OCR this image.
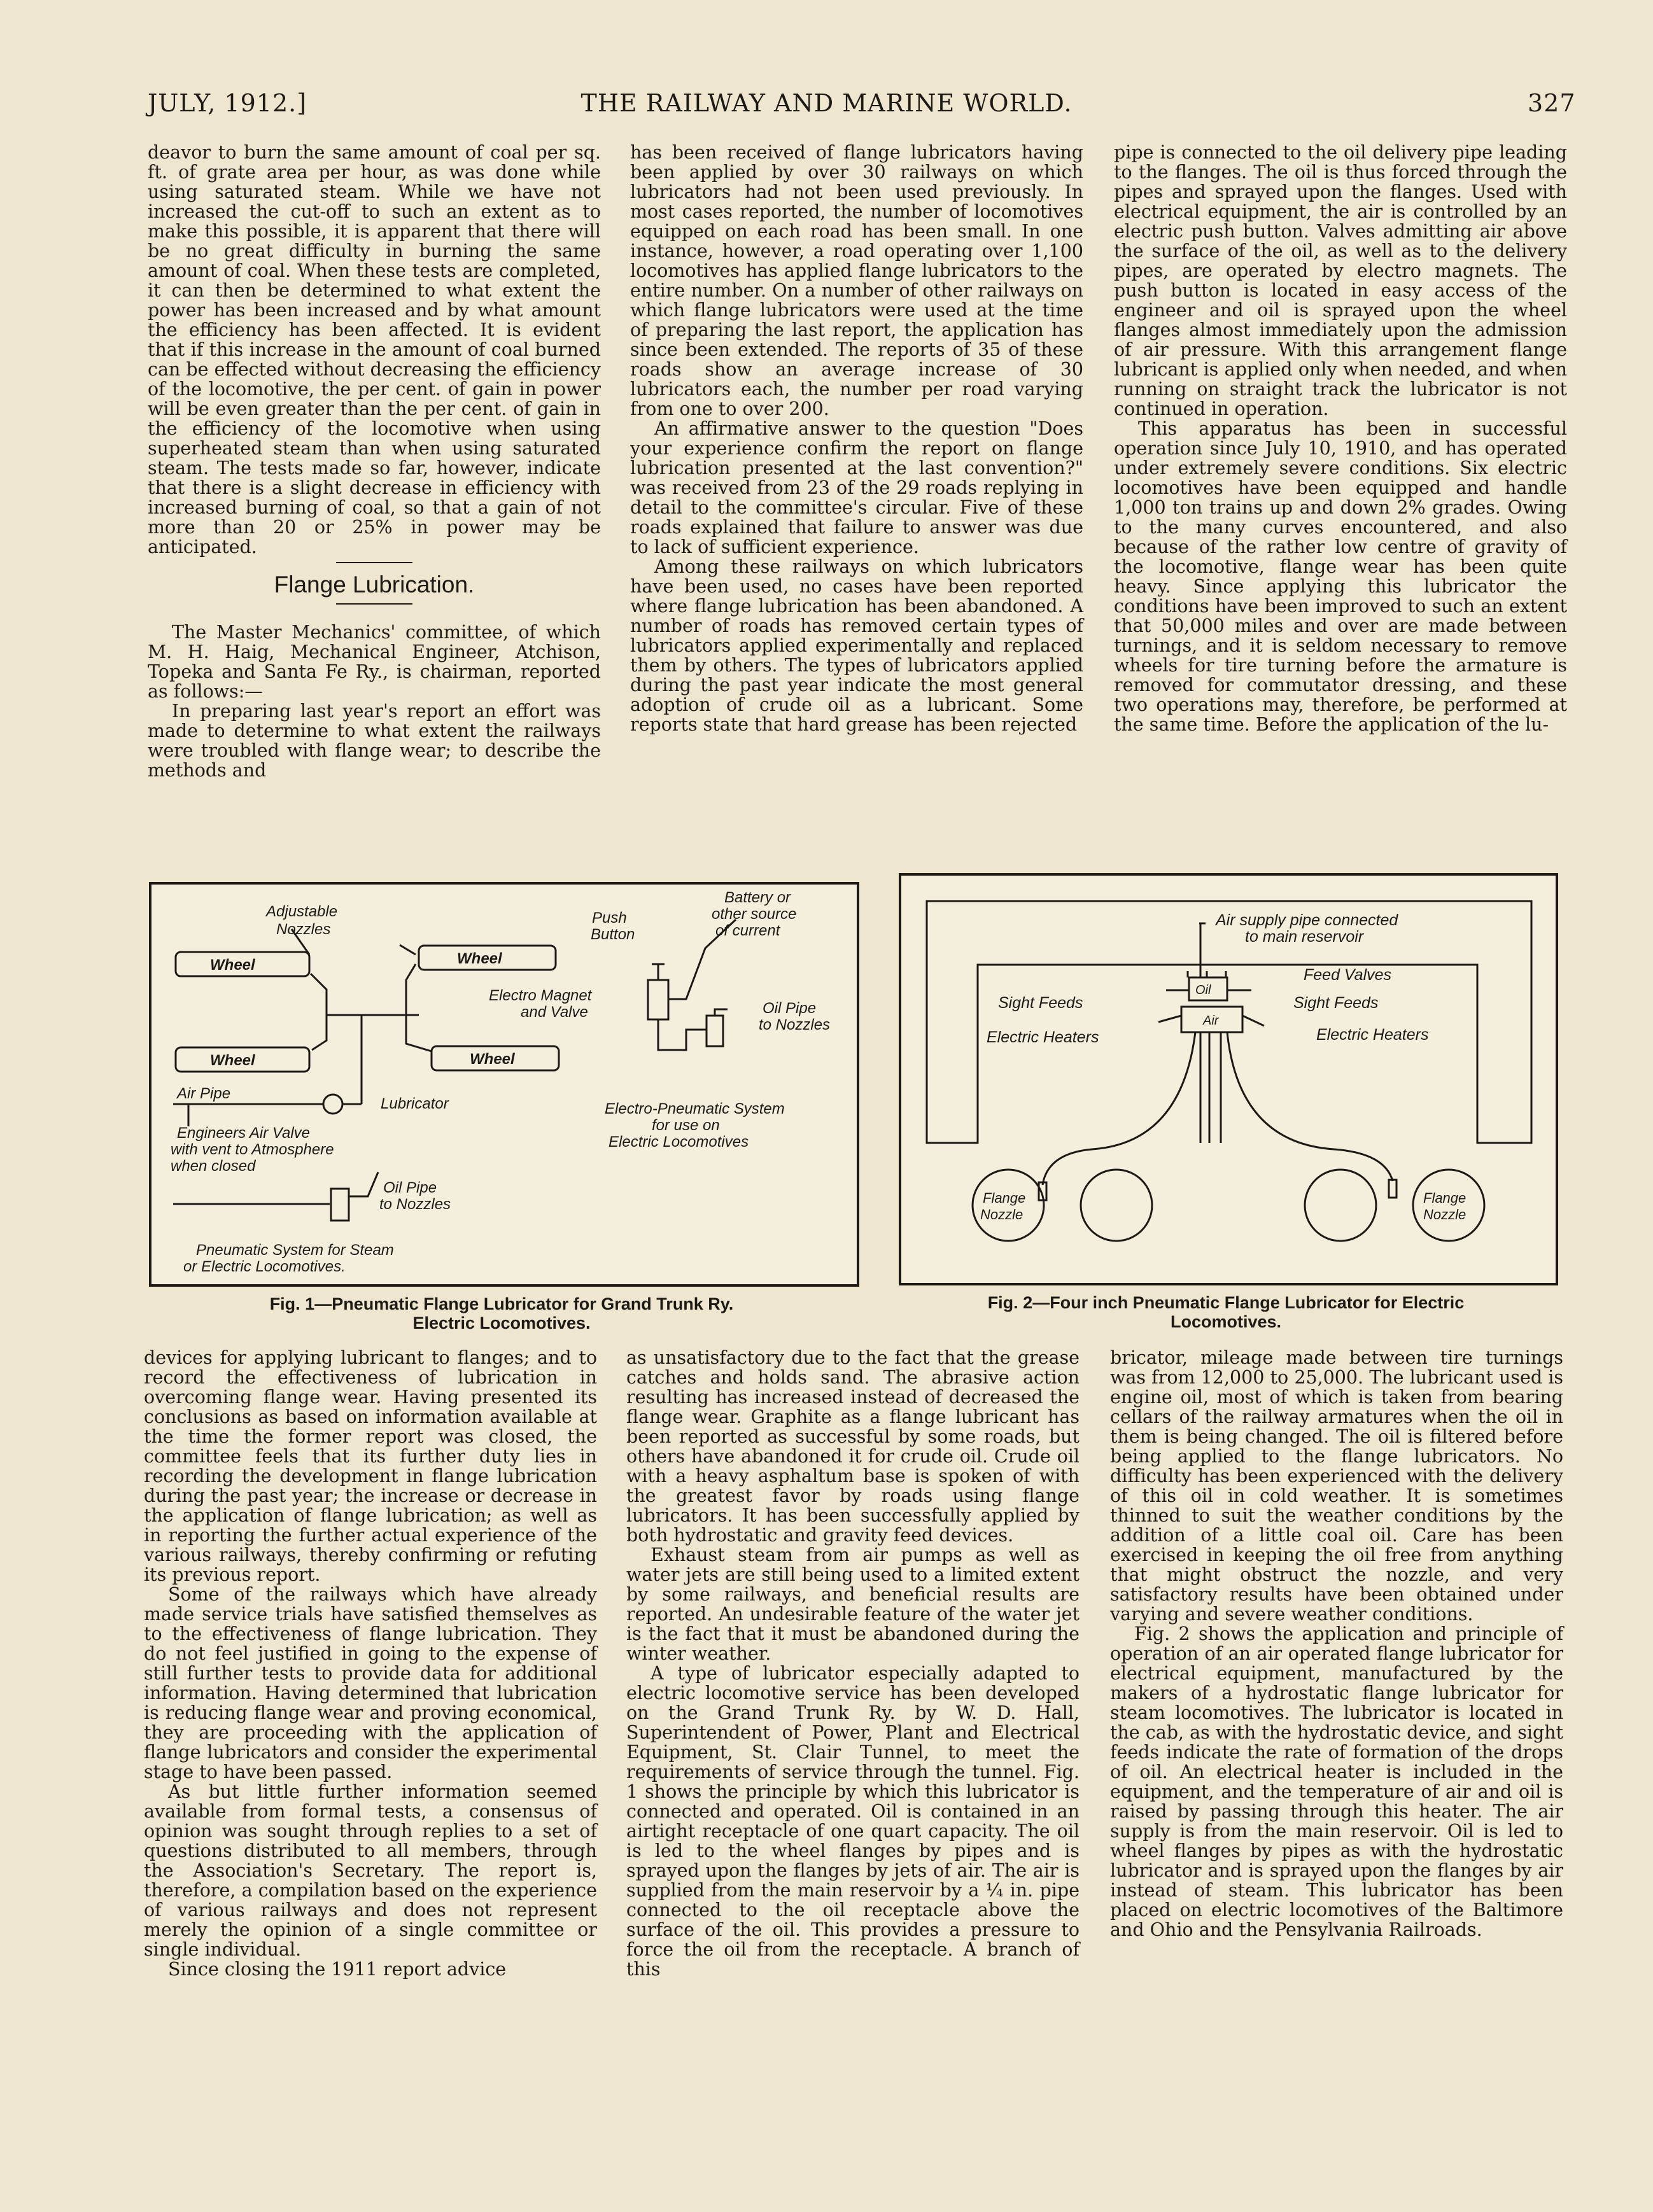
JULY, 1912.]	THE RAILWAY AND MARINE WORLD.	327

deavor to burn the same amount of coal per sq. ft. of grate area per hour, as was done while using saturated steam. While we have not increased the cut-off to such an extent as to make this possible, it is apparent that there will be no great difficulty in burning the same amount of coal. When these tests are completed, it can then be determined to what extent the power has been increased and by what amount the efficiency has been affected. It is evident that if this increase in the amount of coal burned can be effected without decreasing the efficiency of the locomotive, the per cent. of gain in power will be even greater than the per cent. of gain in the efficiency of the locomotive when using superheated steam than when using saturated steam. The tests made so far, however, indicate that there is a slight decrease in efficiency with increased burning of coal, so that a gain of not more than 20 or 25% in power may be anticipated.

Flange Lubrication.

The Master Mechanics' committee, of which M. H. Haig, Mechanical Engineer, Atchison, Topeka and Santa Fe Ry., is chairman, reported as follows:—

In preparing last year's report an effort was made to determine to what extent the railways were troubled with flange wear; to describe the methods and

has been received of flange lubricators having been applied by over 30 railways on which lubricators had not been used previously. In most cases reported, the number of locomotives equipped on each road has been small. In one instance, however, a road operating over 1,100 locomotives has applied flange lubricators to the entire number. On a number of other railways on which flange lubricators were used at the time of preparing the last report, the application has since been extended. The reports of 35 of these roads show an average increase of 30 lubricators each, the number per road varying from one to over 200.

An affirmative answer to the question "Does your experience confirm the report on flange lubrication presented at the last convention?" was received from 23 of the 29 roads replying in detail to the committee's circular. Five of these roads explained that failure to answer was due to lack of sufficient experience.

Among these railways on which lubricators have been used, no cases have been reported where flange lubrication has been abandoned. A number of roads has removed certain types of lubricators applied experimentally and replaced them by others. The types of lubricators applied during the past year indicate the most general adoption of crude oil as a lubricant. Some reports state that hard grease has been rejected

pipe is connected to the oil delivery pipe leading to the flanges. The oil is thus forced through the pipes and sprayed upon the flanges. Used with electrical equipment, the air is controlled by an electric push button. Valves admitting air above the surface of the oil, as well as to the delivery pipes, are operated by electro magnets. The push button is located in easy access of the engineer and oil is sprayed upon the wheel flanges almost immediately upon the admission of air pressure. With this arrangement flange lubricant is applied only when needed, and when running on straight track the lubricator is not continued in operation.

This apparatus has been in successful operation since July 10, 1910, and has operated under extremely severe conditions. Six electric locomotives have been equipped and handle 1,000 ton trains up and down 2% grades. Owing to the many curves encountered, and also because of the rather low centre of gravity of the locomotive, flange wear has been quite heavy. Since applying this lubricator the conditions have been improved to such an extent that 50,000 miles and over are made between turnings, and it is seldom necessary to remove wheels for tire turning before the armature is removed for commutator dressing, and these two operations may, therefore, be performed at the same time. Before the application of the lu-

Adjustable
Nozzles
Wheel	Wheel
Wheel	Wheel
Push
Button
Battery or
other source
of current
Electro Magnet
and Valve	Oil Pipe
to Nozzles
Air Pipe
Lubricator
Engineers Air Valve
with vent to Atmosphere
when closed
Electro-Pneumatic System
for use on
Electric Locomotives
Oil Pipe
to Nozzles
Pneumatic System for Steam
or Electric Locomotives.
Fig. 1—Pneumatic Flange Lubricator for Grand Trunk Ry.
Electric Locomotives.
Air supply pipe connected
to main reservoir
Feed Valves
Sight Feeds	Sight Feeds
Electric Heaters	Electric Heaters
Oil
Air
Flange
Nozzle
Flange
Nozzle
Fig. 2—Four inch Pneumatic Flange Lubricator for Electric
Locomotives.

devices for applying lubricant to flanges; and to record the effectiveness of lubrication in overcoming flange wear. Having presented its conclusions as based on information available at the time the former report was closed, the committee feels that its further duty lies in recording the development in flange lubrication during the past year; the increase or decrease in the application of flange lubrication; as well as in reporting the further actual experience of the various railways, thereby confirming or refuting its previous report.

Some of the railways which have already made service trials have satisfied themselves as to the effectiveness of flange lubrication. They do not feel justified in going to the expense of still further tests to provide data for additional information. Having determined that lubrication is reducing flange wear and proving economical, they are proceeding with the application of flange lubricators and consider the experimental stage to have been passed.

As but little further information seemed available from formal tests, a consensus of opinion was sought through replies to a set of questions distributed to all members, through the Association's Secretary. The report is, therefore, a compilation based on the experience of various railways and does not represent merely the opinion of a single committee or single individual.

Since closing the 1911 report advice

as unsatisfactory due to the fact that the grease catches and holds sand. The abrasive action resulting has increased instead of decreased the flange wear. Graphite as a flange lubricant has been reported as successful by some roads, but others have abandoned it for crude oil. Crude oil with a heavy asphaltum base is spoken of with the greatest favor by roads using flange lubricators. It has been successfully applied by both hydrostatic and gravity feed devices.

Exhaust steam from air pumps as well as water jets are still being used to a limited extent by some railways, and beneficial results are reported. An undesirable feature of the water jet is the fact that it must be abandoned during the winter weather.

A type of lubricator especially adapted to electric locomotive service has been developed on the Grand Trunk Ry. by W. D. Hall, Superintendent of Power, Plant and Electrical Equipment, St. Clair Tunnel, to meet the requirements of service through the tunnel. Fig. 1 shows the principle by which this lubricator is connected and operated. Oil is contained in an airtight receptacle of one quart capacity. The oil is led to the wheel flanges by pipes and is sprayed upon the flanges by jets of air. The air is supplied from the main reservoir by a ¼ in. pipe connected to the oil receptacle above the surface of the oil. This provides a pressure to force the oil from the receptacle. A branch of this

bricator, mileage made between tire turnings was from 12,000 to 25,000. The lubricant used is engine oil, most of which is taken from bearing cellars of the railway armatures when the oil in them is being changed. The oil is filtered before being applied to the flange lubricators. No difficulty has been experienced with the delivery of this oil in cold weather. It is sometimes thinned to suit the weather conditions by the addition of a little coal oil. Care has been exercised in keeping the oil free from anything that might obstruct the nozzle, and very satisfactory results have been obtained under varying and severe weather conditions.

Fig. 2 shows the application and principle of operation of an air operated flange lubricator for electrical equipment, manufactured by the makers of a hydrostatic flange lubricator for steam locomotives. The lubricator is located in the cab, as with the hydrostatic device, and sight feeds indicate the rate of formation of the drops of oil. An electrical heater is included in the equipment, and the temperature of air and oil is raised by passing through this heater. The air supply is from the main reservoir. Oil is led to wheel flanges by pipes as with the hydrostatic lubricator and is sprayed upon the flanges by air instead of steam. This lubricator has been placed on electric locomotives of the Baltimore and Ohio and the Pensylvania Railroads.
